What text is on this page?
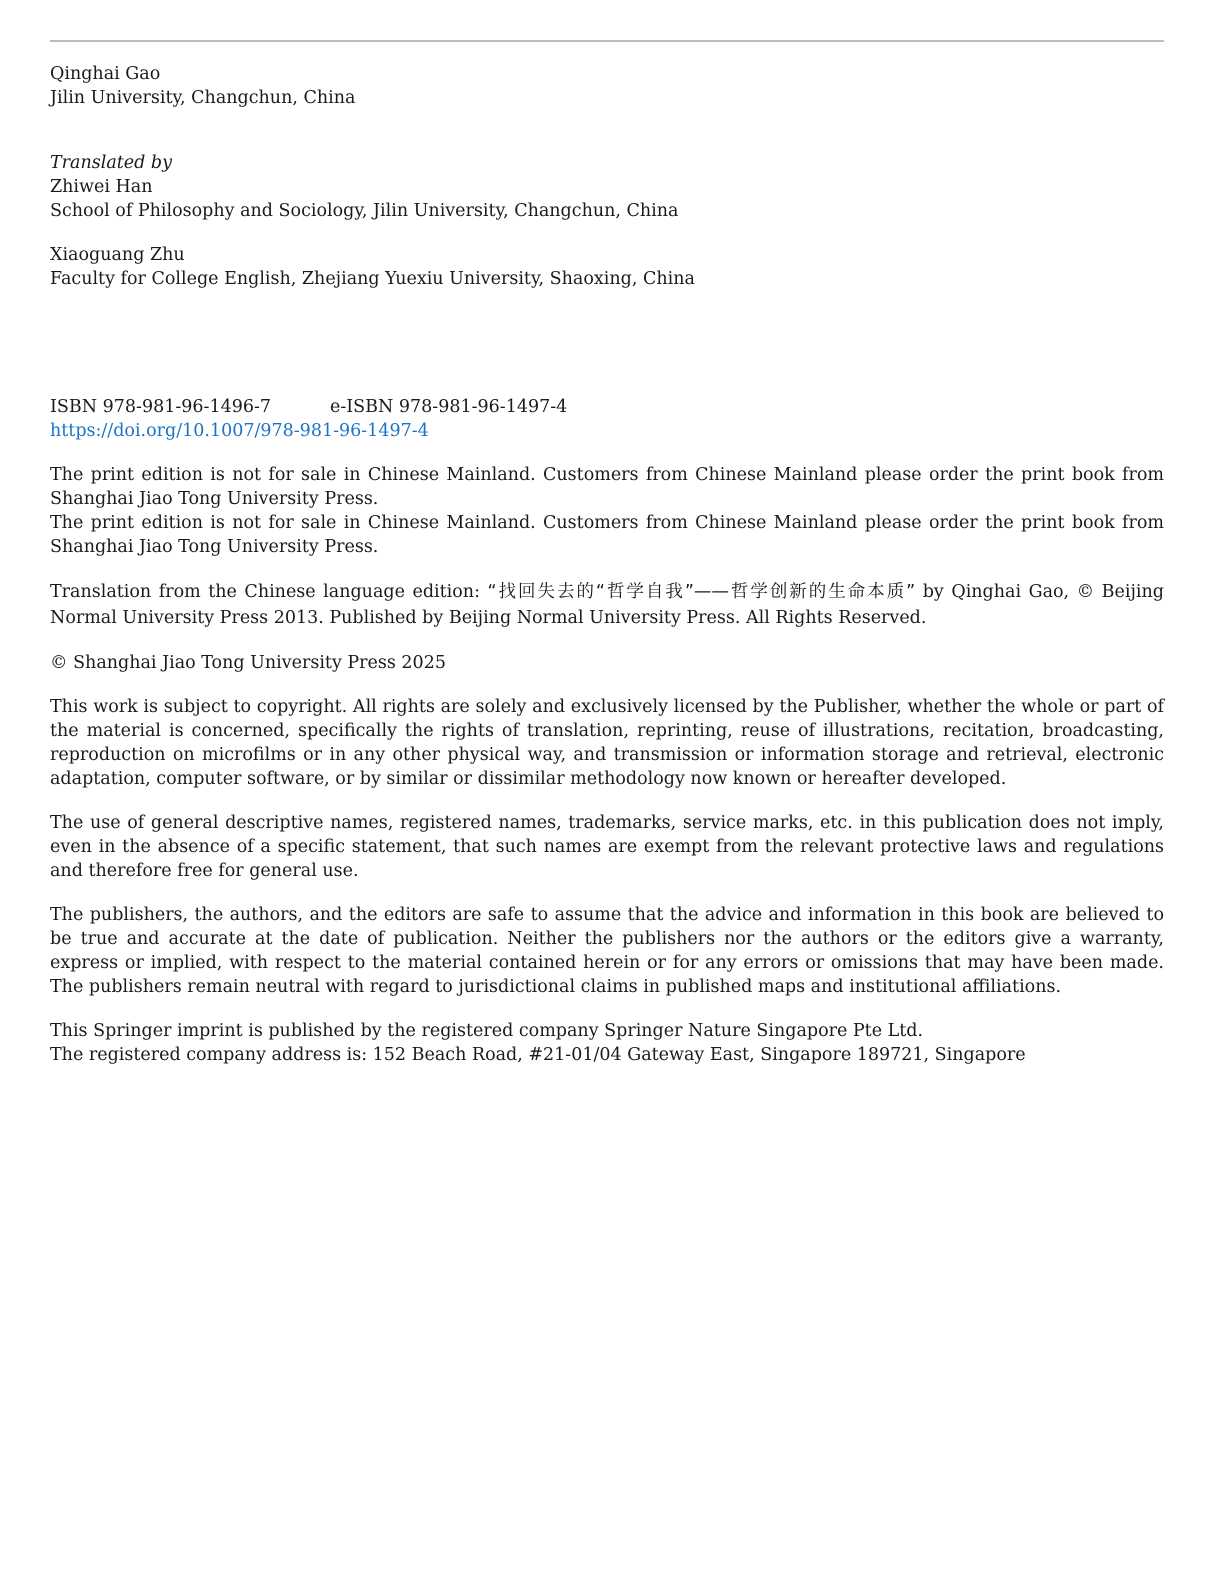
Qinghai Gao
Jilin University, Changchun, China
Translated by
Zhiwei Han
School of Philosophy and Sociology, Jilin University, Changchun, China
Xiaoguang Zhu
Faculty for College English, Zhejiang Yuexiu University, Shaoxing, China
ISBN 978-981-96-1496-7	e-ISBN 978-981-96-1497-4
https://doi.org/10.1007/978-981-96-1497-4

The print edition is not for sale in Chinese Mainland. Customers from Chinese Mainland please order the print book from Shanghai Jiao Tong University Press.

The print edition is not for sale in Chinese Mainland. Customers from Chinese Mainland please order the print book from Shanghai Jiao Tong University Press.

Translation from the Chinese language edition: “找回失去的“哲学自我”——哲学创新的生命本质” by Qinghai Gao, © Beijing Normal University Press 2013. Published by Beijing Normal University Press. All Rights Reserved.

© Shanghai Jiao Tong University Press 2025

This work is subject to copyright. All rights are solely and exclusively licensed by the Publisher, whether the whole or part of the material is concerned, specifically the rights of translation, reprinting, reuse of illustrations, recitation, broadcasting, reproduction on microfilms or in any other physical way, and transmission or information storage and retrieval, electronic adaptation, computer software, or by similar or dissimilar methodology now known or hereafter developed.

The use of general descriptive names, registered names, trademarks, service marks, etc. in this publication does not imply, even in the absence of a specific statement, that such names are exempt from the relevant protective laws and regulations and therefore free for general use.

The publishers, the authors, and the editors are safe to assume that the advice and information in this book are believed to be true and accurate at the date of publication. Neither the publishers nor the authors or the editors give a warranty, express or implied, with respect to the material contained herein or for any errors or omissions that may have been made. The publishers remain neutral with regard to jurisdictional claims in published maps and institutional affiliations.

This Springer imprint is published by the registered company Springer Nature Singapore Pte Ltd.
The registered company address is: 152 Beach Road, #21-01/04 Gateway East, Singapore 189721, Singapore
